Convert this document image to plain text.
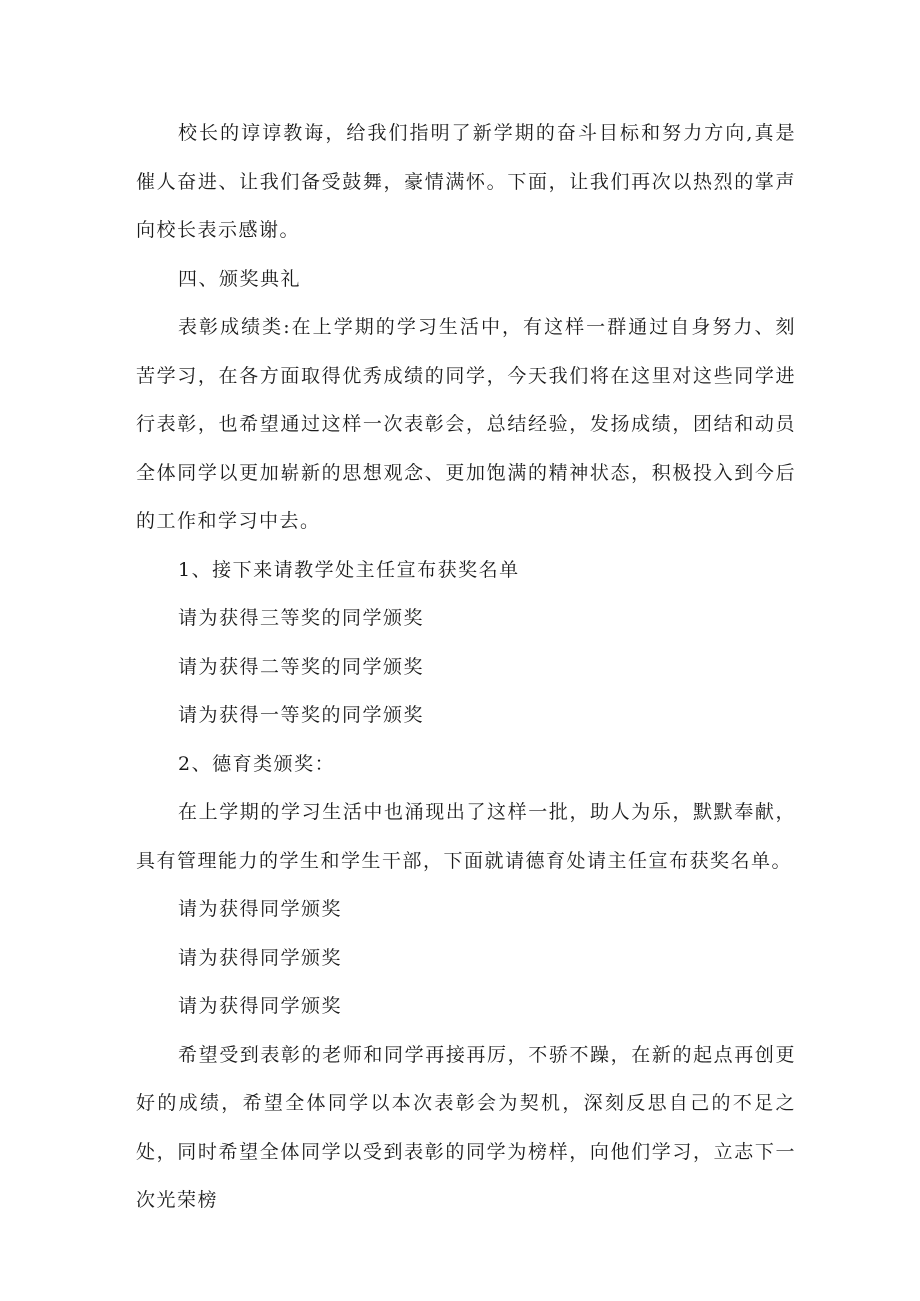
校长的谆谆教诲，给我们指明了新学期的奋斗目标和努力方向,真是催人奋进、让我们备受鼓舞，豪情满怀。下面，让我们再次以热烈的掌声向校长表示感谢。

四、颁奖典礼

表彰成绩类:在上学期的学习生活中，有这样一群通过自身努力、刻苦学习，在各方面取得优秀成绩的同学，今天我们将在这里对这些同学进行表彰，也希望通过这样一次表彰会，总结经验，发扬成绩，团结和动员全体同学以更加崭新的思想观念、更加饱满的精神状态，积极投入到今后的工作和学习中去。

1、接下来请教学处主任宣布获奖名单

请为获得三等奖的同学颁奖

请为获得二等奖的同学颁奖

请为获得一等奖的同学颁奖

2、德育类颁奖：

在上学期的学习生活中也涌现出了这样一批，助人为乐，默默奉献，具有管理能力的学生和学生干部，下面就请德育处请主任宣布获奖名单。

请为获得同学颁奖

请为获得同学颁奖

请为获得同学颁奖

希望受到表彰的老师和同学再接再厉，不骄不躁，在新的起点再创更好的成绩，希望全体同学以本次表彰会为契机，深刻反思自己的不足之处，同时希望全体同学以受到表彰的同学为榜样，向他们学习，立志下一次光荣榜
